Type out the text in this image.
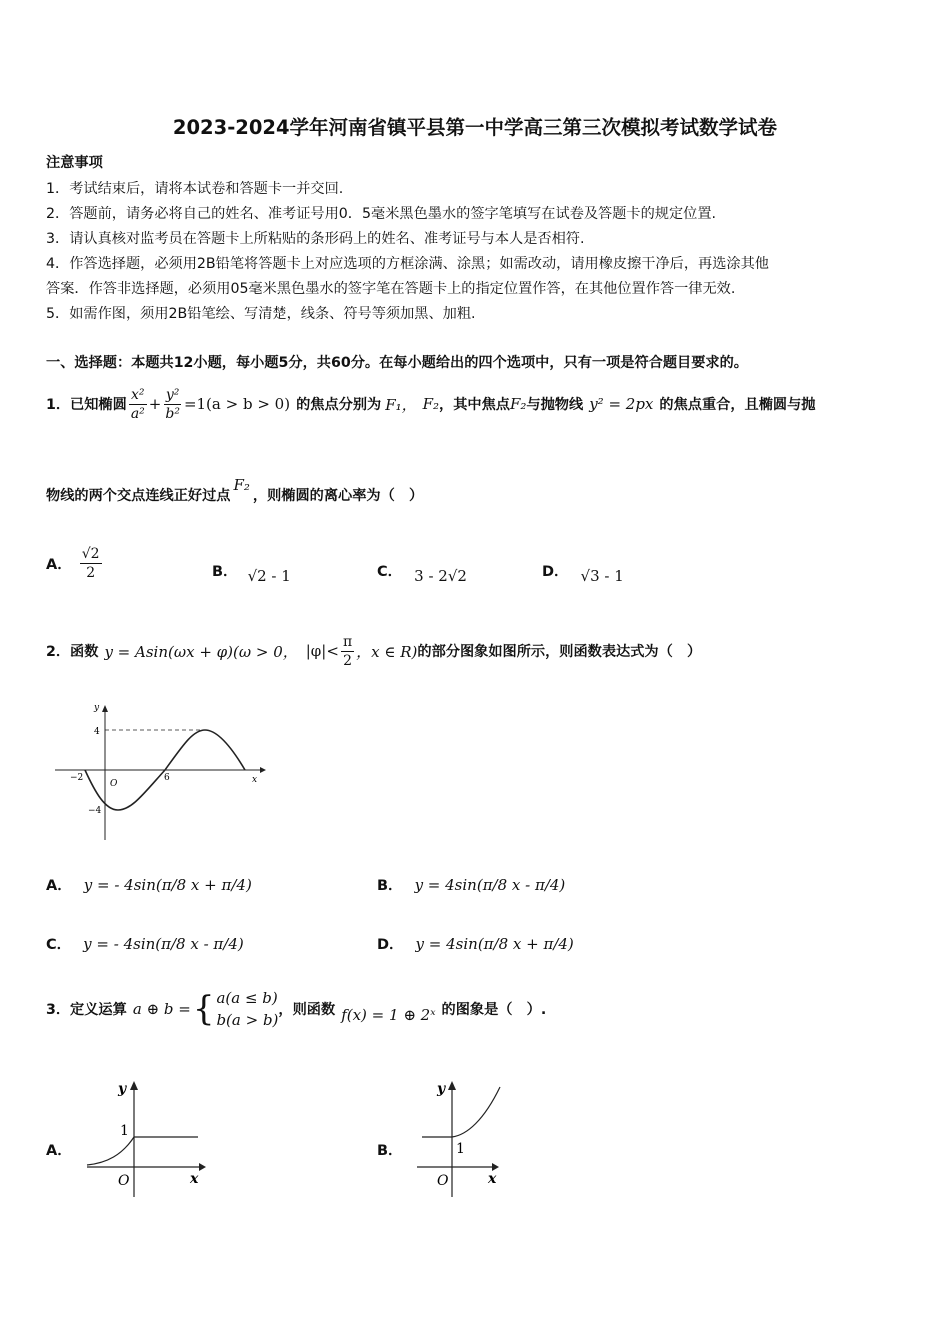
2023-2024学年河南省镇平县第一中学高三第三次模拟考试数学试卷
注意事项
1．考试结束后，请将本试卷和答题卡一并交回.
2．答题前，请务必将自己的姓名、准考证号用0．5毫米黑色墨水的签字笔填写在试卷及答题卡的规定位置.
3．请认真核对监考员在答题卡上所粘贴的条形码上的姓名、准考证号与本人是否相符.
4．作答选择题，必须用2B铅笔将答题卡上对应选项的方框涂满、涂黑；如需改动，请用橡皮擦干净后，再选涂其他
答案．作答非选择题，必须用05毫米黑色墨水的签字笔在答题卡上的指定位置作答，在其他位置作答一律无效.
5．如需作图，须用2B铅笔绘、写清楚，线条、符号等须加黑、加粗.
一、选择题：本题共12小题，每小题5分，共60分。在每小题给出的四个选项中，只有一项是符合题目要求的。
1．已知椭圆 $\frac{\text{x²}}{\text{a²}} + \frac{\text{y²}}{\text{b²}} =1(a > b > 0)$ 的焦点分别为 F₁， F₂ ，其中焦点 F₂ 与抛物线 y² = 2px 的焦点重合，且椭圆与抛
物线的两个交点连线正好过点
F₂
，则椭圆的离心率为（　）
A． $\frac{√2}{2}$	B． √2 - 1	C． 3 - 2√2	D． √3 - 1
2．函数 y = Asin(ωx + φ)(ω > 0， $|\varphi|< \frac{\pi}{2}$ ，x ∈ R) 的部分图象如图所示，则函数表达式为（　）
y
x
O
4
−4
−2	6
A． y = - 4sin(π/8 x + π/4)	B． y = 4sin(π/8 x - π/4)
C． y = - 4sin(π/8 x - π/4)	D． y = 4sin(π/8 x + π/4)
3．定义运算 a ⊕ b = { a(a ≤ b)
b(a > b)
，则函数 f(x) = 1 ⊕ 2ˣ 的图象是（　）.
A．
y
x
O
1
B．
y
x
O
1
